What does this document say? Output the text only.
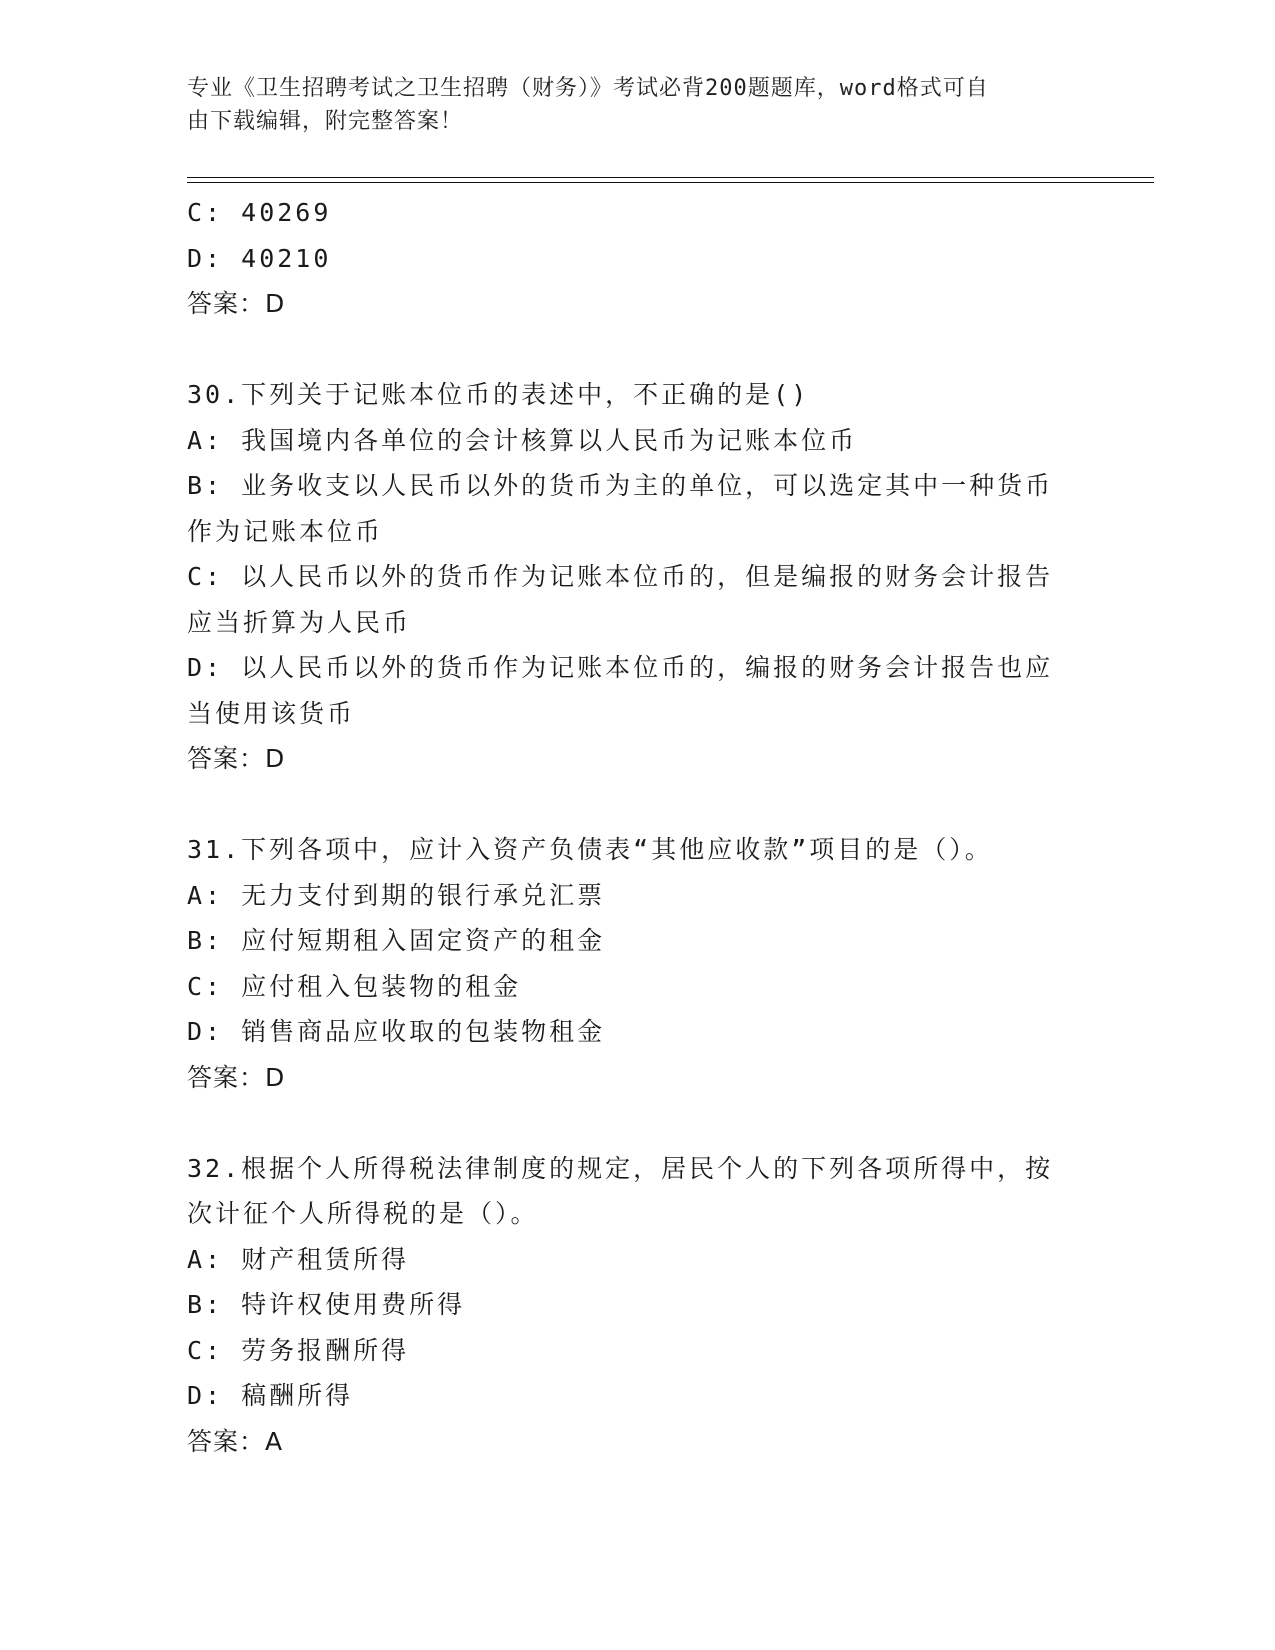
专业《卫生招聘考试之卫生招聘（财务）》考试必背200题题库，word格式可自
由下载编辑，附完整答案！
C: 40269
D: 40210
答案：D
30.下列关于记账本位币的表述中，不正确的是()
A: 我国境内各单位的会计核算以人民币为记账本位币
B: 业务收支以人民币以外的货币为主的单位，可以选定其中一种货币
作为记账本位币
C: 以人民币以外的货币作为记账本位币的，但是编报的财务会计报告
应当折算为人民币
D: 以人民币以外的货币作为记账本位币的，编报的财务会计报告也应
当使用该货币
答案：D
31.下列各项中，应计入资产负债表“其他应收款”项目的是（）。
A: 无力支付到期的银行承兑汇票
B: 应付短期租入固定资产的租金
C: 应付租入包装物的租金
D: 销售商品应收取的包装物租金
答案：D
32.根据个人所得税法律制度的规定，居民个人的下列各项所得中，按
次计征个人所得税的是（）。
A: 财产租赁所得
B: 特许权使用费所得
C: 劳务报酬所得
D: 稿酬所得
答案：A
